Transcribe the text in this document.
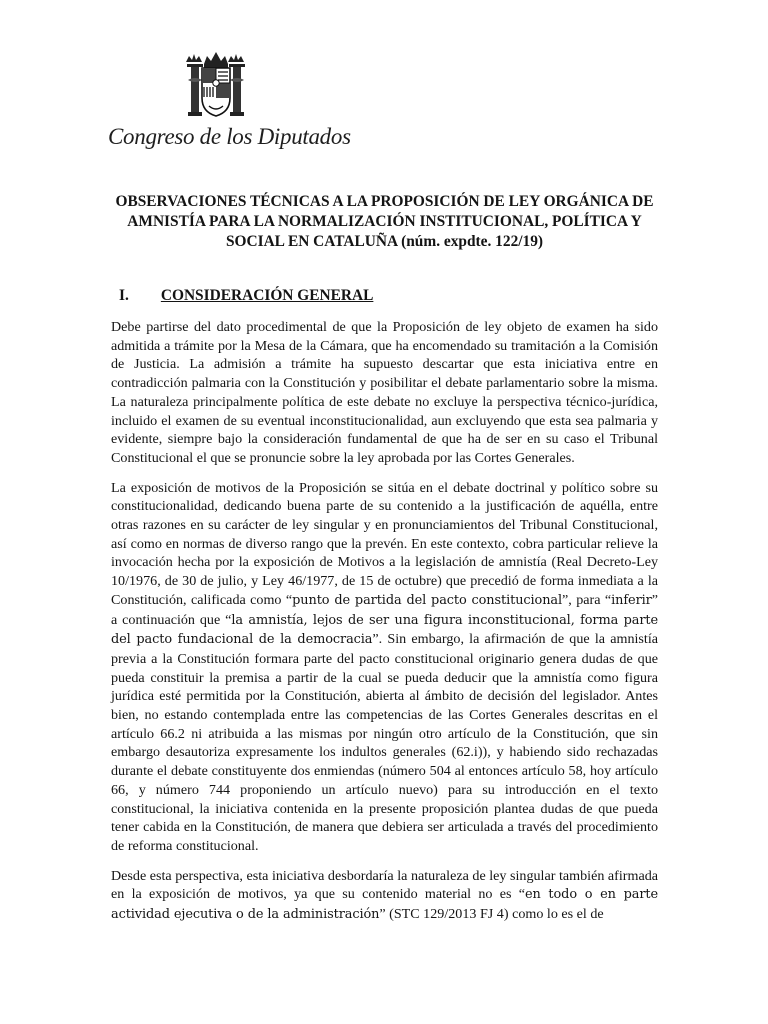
Congreso de los Diputados
OBSERVACIONES TÉCNICAS A LA PROPOSICIÓN DE LEY ORGÁNICA DE AMNISTÍA PARA LA NORMALIZACIÓN INSTITUCIONAL, POLÍTICA Y SOCIAL EN CATALUÑA (núm. expdte. 122/19)
I. CONSIDERACIÓN GENERAL

Debe partirse del dato procedimental de que la Proposición de ley objeto de examen ha sido admitida a trámite por la Mesa de la Cámara, que ha encomendado su tramitación a la Comisión de Justicia. La admisión a trámite ha supuesto descartar que esta iniciativa entre en contradicción palmaria con la Constitución y posibilitar el debate parlamentario sobre la misma. La naturaleza principalmente política de este debate no excluye la perspectiva técnico-jurídica, incluido el examen de su eventual inconstitucionalidad, aun excluyendo que esta sea palmaria y evidente, siempre bajo la consideración fundamental de que ha de ser en su caso el Tribunal Constitucional el que se pronuncie sobre la ley aprobada por las Cortes Generales.

La exposición de motivos de la Proposición se sitúa en el debate doctrinal y político sobre su constitucionalidad, dedicando buena parte de su contenido a la justificación de aquélla, entre otras razones en su carácter de ley singular y en pronunciamientos del Tribunal Constitucional, así como en normas de diverso rango que la prevén. En este contexto, cobra particular relieve la invocación hecha por la exposición de Motivos a la legislación de amnistía (Real Decreto-Ley 10/1976, de 30 de julio, y Ley 46/1977, de 15 de octubre) que precedió de forma inmediata a la Constitución, calificada como “punto de partida del pacto constitucional”, para “inferir” a continuación que “la amnistía, lejos de ser una figura inconstitucional, forma parte del pacto fundacional de la democracia”. Sin embargo, la afirmación de que la amnistía previa a la Constitución formara parte del pacto constitucional originario genera dudas de que pueda constituir la premisa a partir de la cual se pueda deducir que la amnistía como figura jurídica esté permitida por la Constitución, abierta al ámbito de decisión del legislador. Antes bien, no estando contemplada entre las competencias de las Cortes Generales descritas en el artículo 66.2 ni atribuida a las mismas por ningún otro artículo de la Constitución, que sin embargo desautoriza expresamente los indultos generales (62.i)), y habiendo sido rechazadas durante el debate constituyente dos enmiendas (número 504 al entonces artículo 58, hoy artículo 66, y número 744 proponiendo un artículo nuevo) para su introducción en el texto constitucional, la iniciativa contenida en la presente proposición plantea dudas de que pueda tener cabida en la Constitución, de manera que debiera ser articulada a través del procedimiento de reforma constitucional.

Desde esta perspectiva, esta iniciativa desbordaría la naturaleza de ley singular también afirmada en la exposición de motivos, ya que su contenido material no es “en todo o en parte actividad ejecutiva o de la administración” (STC 129/2013 FJ 4) como lo es el de
